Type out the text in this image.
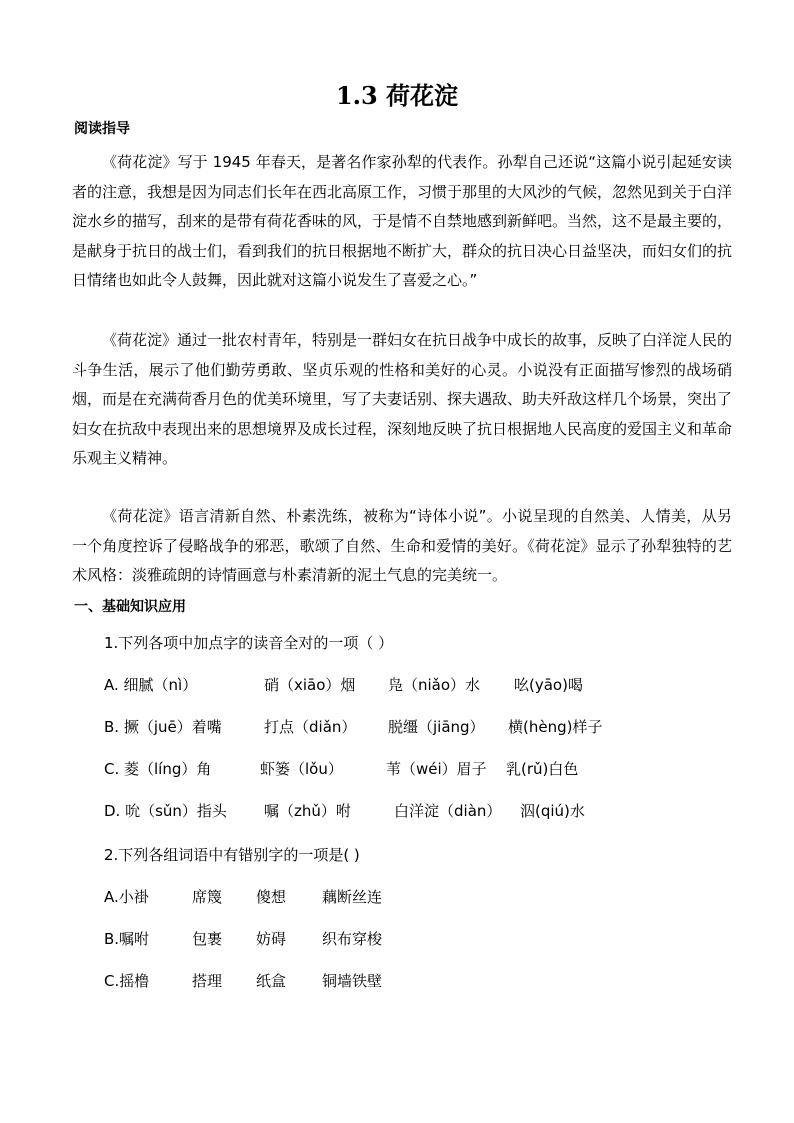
1.3 荷花淀
阅读指导

《荷花淀》写于 1945 年春天，是著名作家孙犁的代表作。孙犁自己还说“这篇小说引起延安读者的注意，我想是因为同志们长年在西北高原工作，习惯于那里的大风沙的气候，忽然见到关于白洋淀水乡的描写，刮来的是带有荷花香味的风，于是情不自禁地感到新鲜吧。当然，这不是最主要的，是献身于抗日的战士们，看到我们的抗日根据地不断扩大，群众的抗日决心日益坚决，而妇女们的抗日情绪也如此令人鼓舞，因此就对这篇小说发生了喜爱之心。”

《荷花淀》通过一批农村青年，特别是一群妇女在抗日战争中成长的故事，反映了白洋淀人民的斗争生活，展示了他们勤劳勇敢、坚贞乐观的性格和美好的心灵。小说没有正面描写惨烈的战场硝烟，而是在充满荷香月色的优美环境里，写了夫妻话别、探夫遇敌、助夫歼敌这样几个场景，突出了妇女在抗敌中表现出来的思想境界及成长过程，深刻地反映了抗日根据地人民高度的爱国主义和革命乐观主义精神。

《荷花淀》语言清新自然、朴素洗练，被称为“诗体小说”。小说呈现的自然美、人情美，从另一个角度控诉了侵略战争的邪恶，歌颂了自然、生命和爱情的美好。《荷花淀》显示了孙犁独特的艺术风格：淡雅疏朗的诗情画意与朴素清新的泥土气息的完美统一。

一、基础知识应用
1.下列各项中加点字的读音全对的一项（ ）
A. 细腻（nì）	硝（xiāo）烟 凫（niǎo）水 吆(yāo)喝
B. 撅（juē）着嘴	打点（diǎn） 脱缰（jiāng） 横(hèng)样子
C. 菱（líng）角	虾篓（lǒu）	苇（wéi）眉子 乳(rǔ)白色
D. 吮（sǔn）指头 嘱（zhǔ）咐	白洋淀（diàn） 泅(qiú)水
2.下列各组词语中有错别字的一项是( )
A.小褂	席篾 傻想 藕断丝连
B.嘱咐	包裹 妨碍 织布穿梭
C.摇橹	搭理 纸盒 铜墙铁壁
